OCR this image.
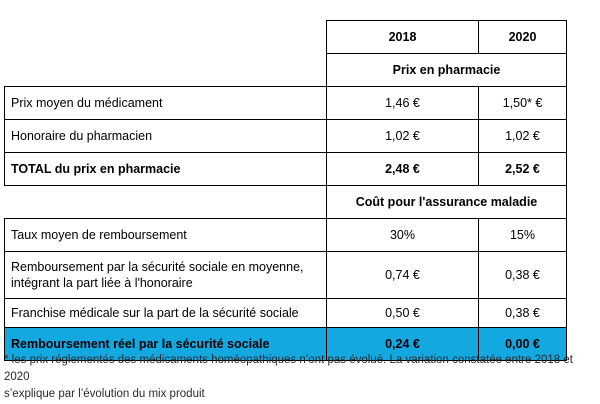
	2018	2020
	Prix en pharmacie	
Prix moyen du médicament	1,46 €	1,50* €
Honoraire du pharmacien	1,02 €	1,02 €
TOTAL du prix en pharmacie	2,48 €	2,52 €
	Coût pour l'assurance maladie	
Taux moyen de remboursement	30%	15%

Remboursement par la sécurité sociale en moyenne,
intégrant la part liée à l'honoraire	0,74 €	0,38 €
Franchise médicale sur la part de la sécurité sociale	0,50 €	0,38 €
Remboursement réel par la sécurité sociale	0,24 €	0,00 €
* les prix réglementés des médicaments homéopathiques n’ont pas évolué. La variation constatée entre 2018 et 2020
s’explique par l’évolution du mix produit
